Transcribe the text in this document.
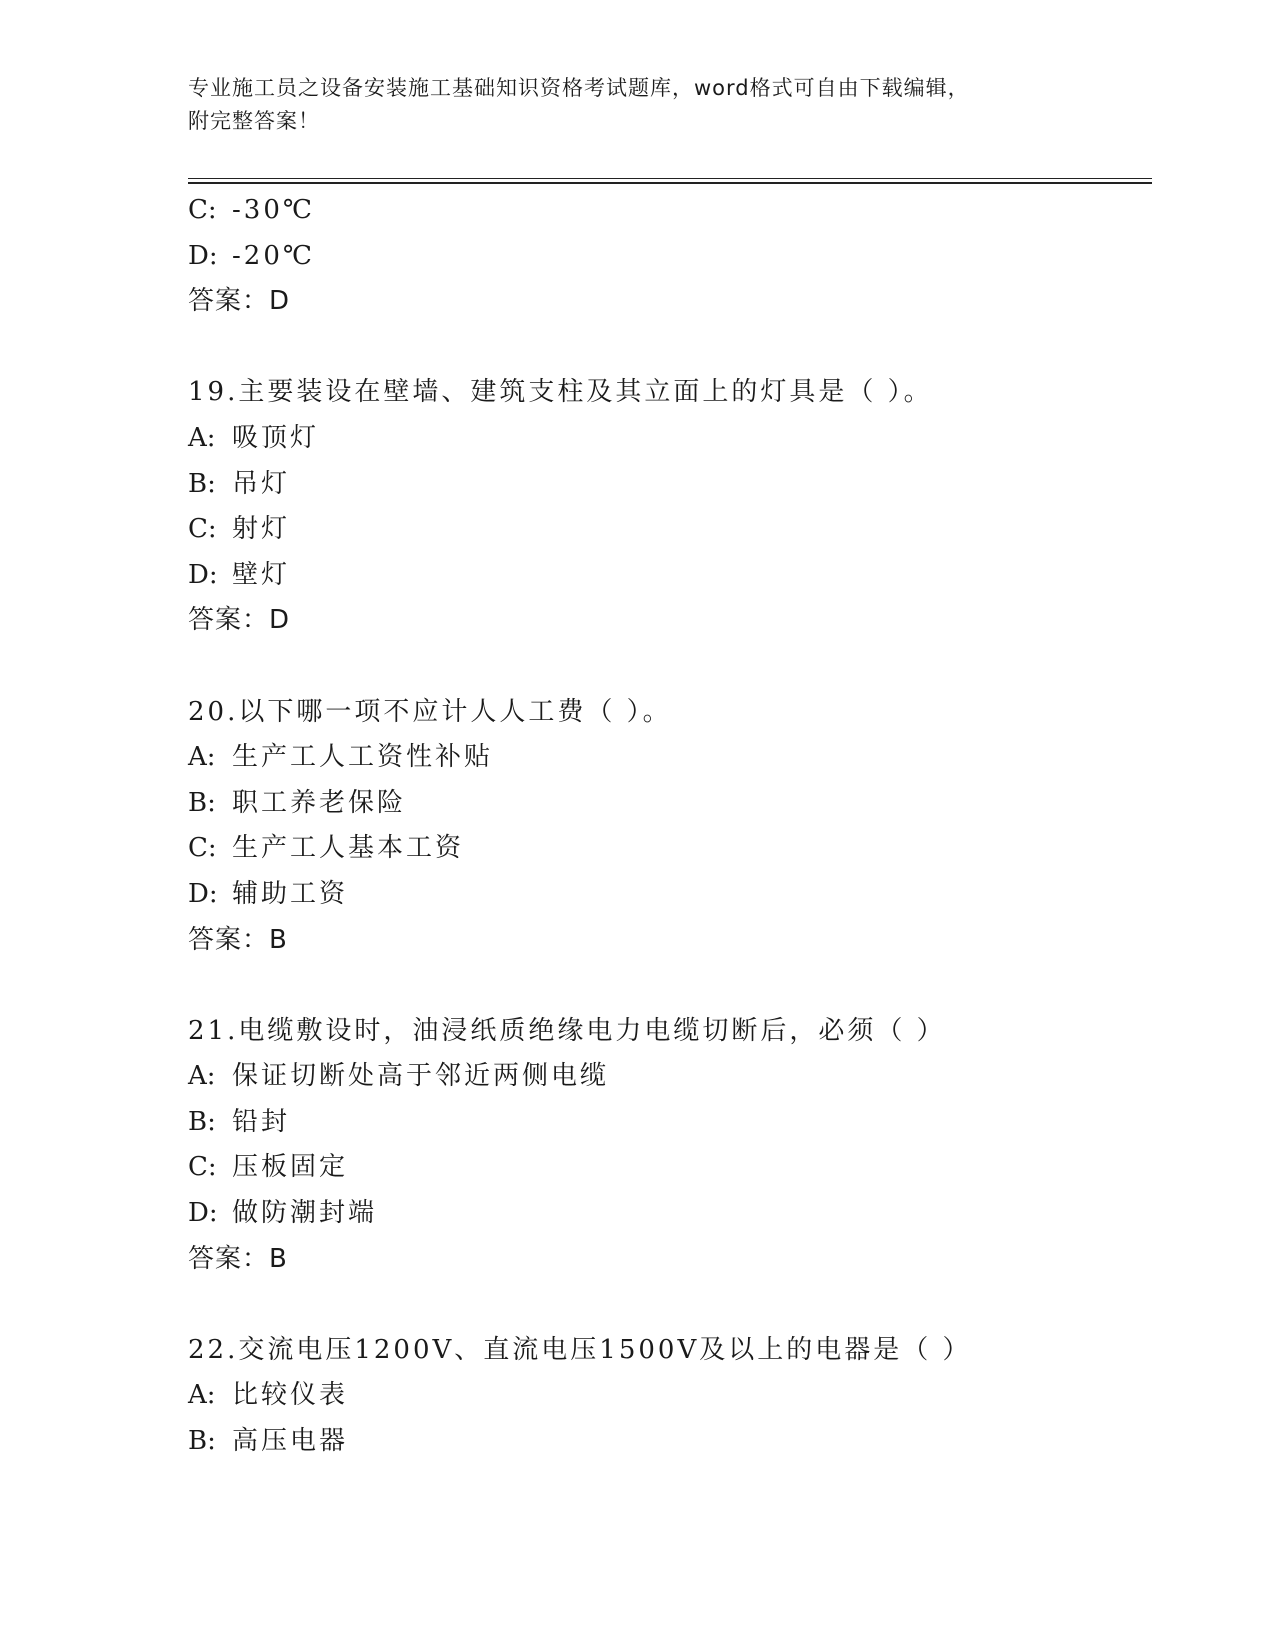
专业施工员之设备安装施工基础知识资格考试题库，word格式可自由下载编辑，
附完整答案！
C: -30℃
D: -20℃
答案：D
19.主要装设在壁墙、建筑支柱及其立面上的灯具是（ ）。
A: 吸顶灯
B: 吊灯
C: 射灯
D: 壁灯
答案：D
20.以下哪一项不应计人人工费（ ）。
A: 生产工人工资性补贴
B: 职工养老保险
C: 生产工人基本工资
D: 辅助工资
答案：B
21.电缆敷设时，油浸纸质绝缘电力电缆切断后，必须（ ）
A: 保证切断处高于邻近两侧电缆
B: 铅封
C: 压板固定
D: 做防潮封端
答案：B
22.交流电压1200V、直流电压1500V及以上的电器是（ ）
A: 比较仪表
B: 高压电器
